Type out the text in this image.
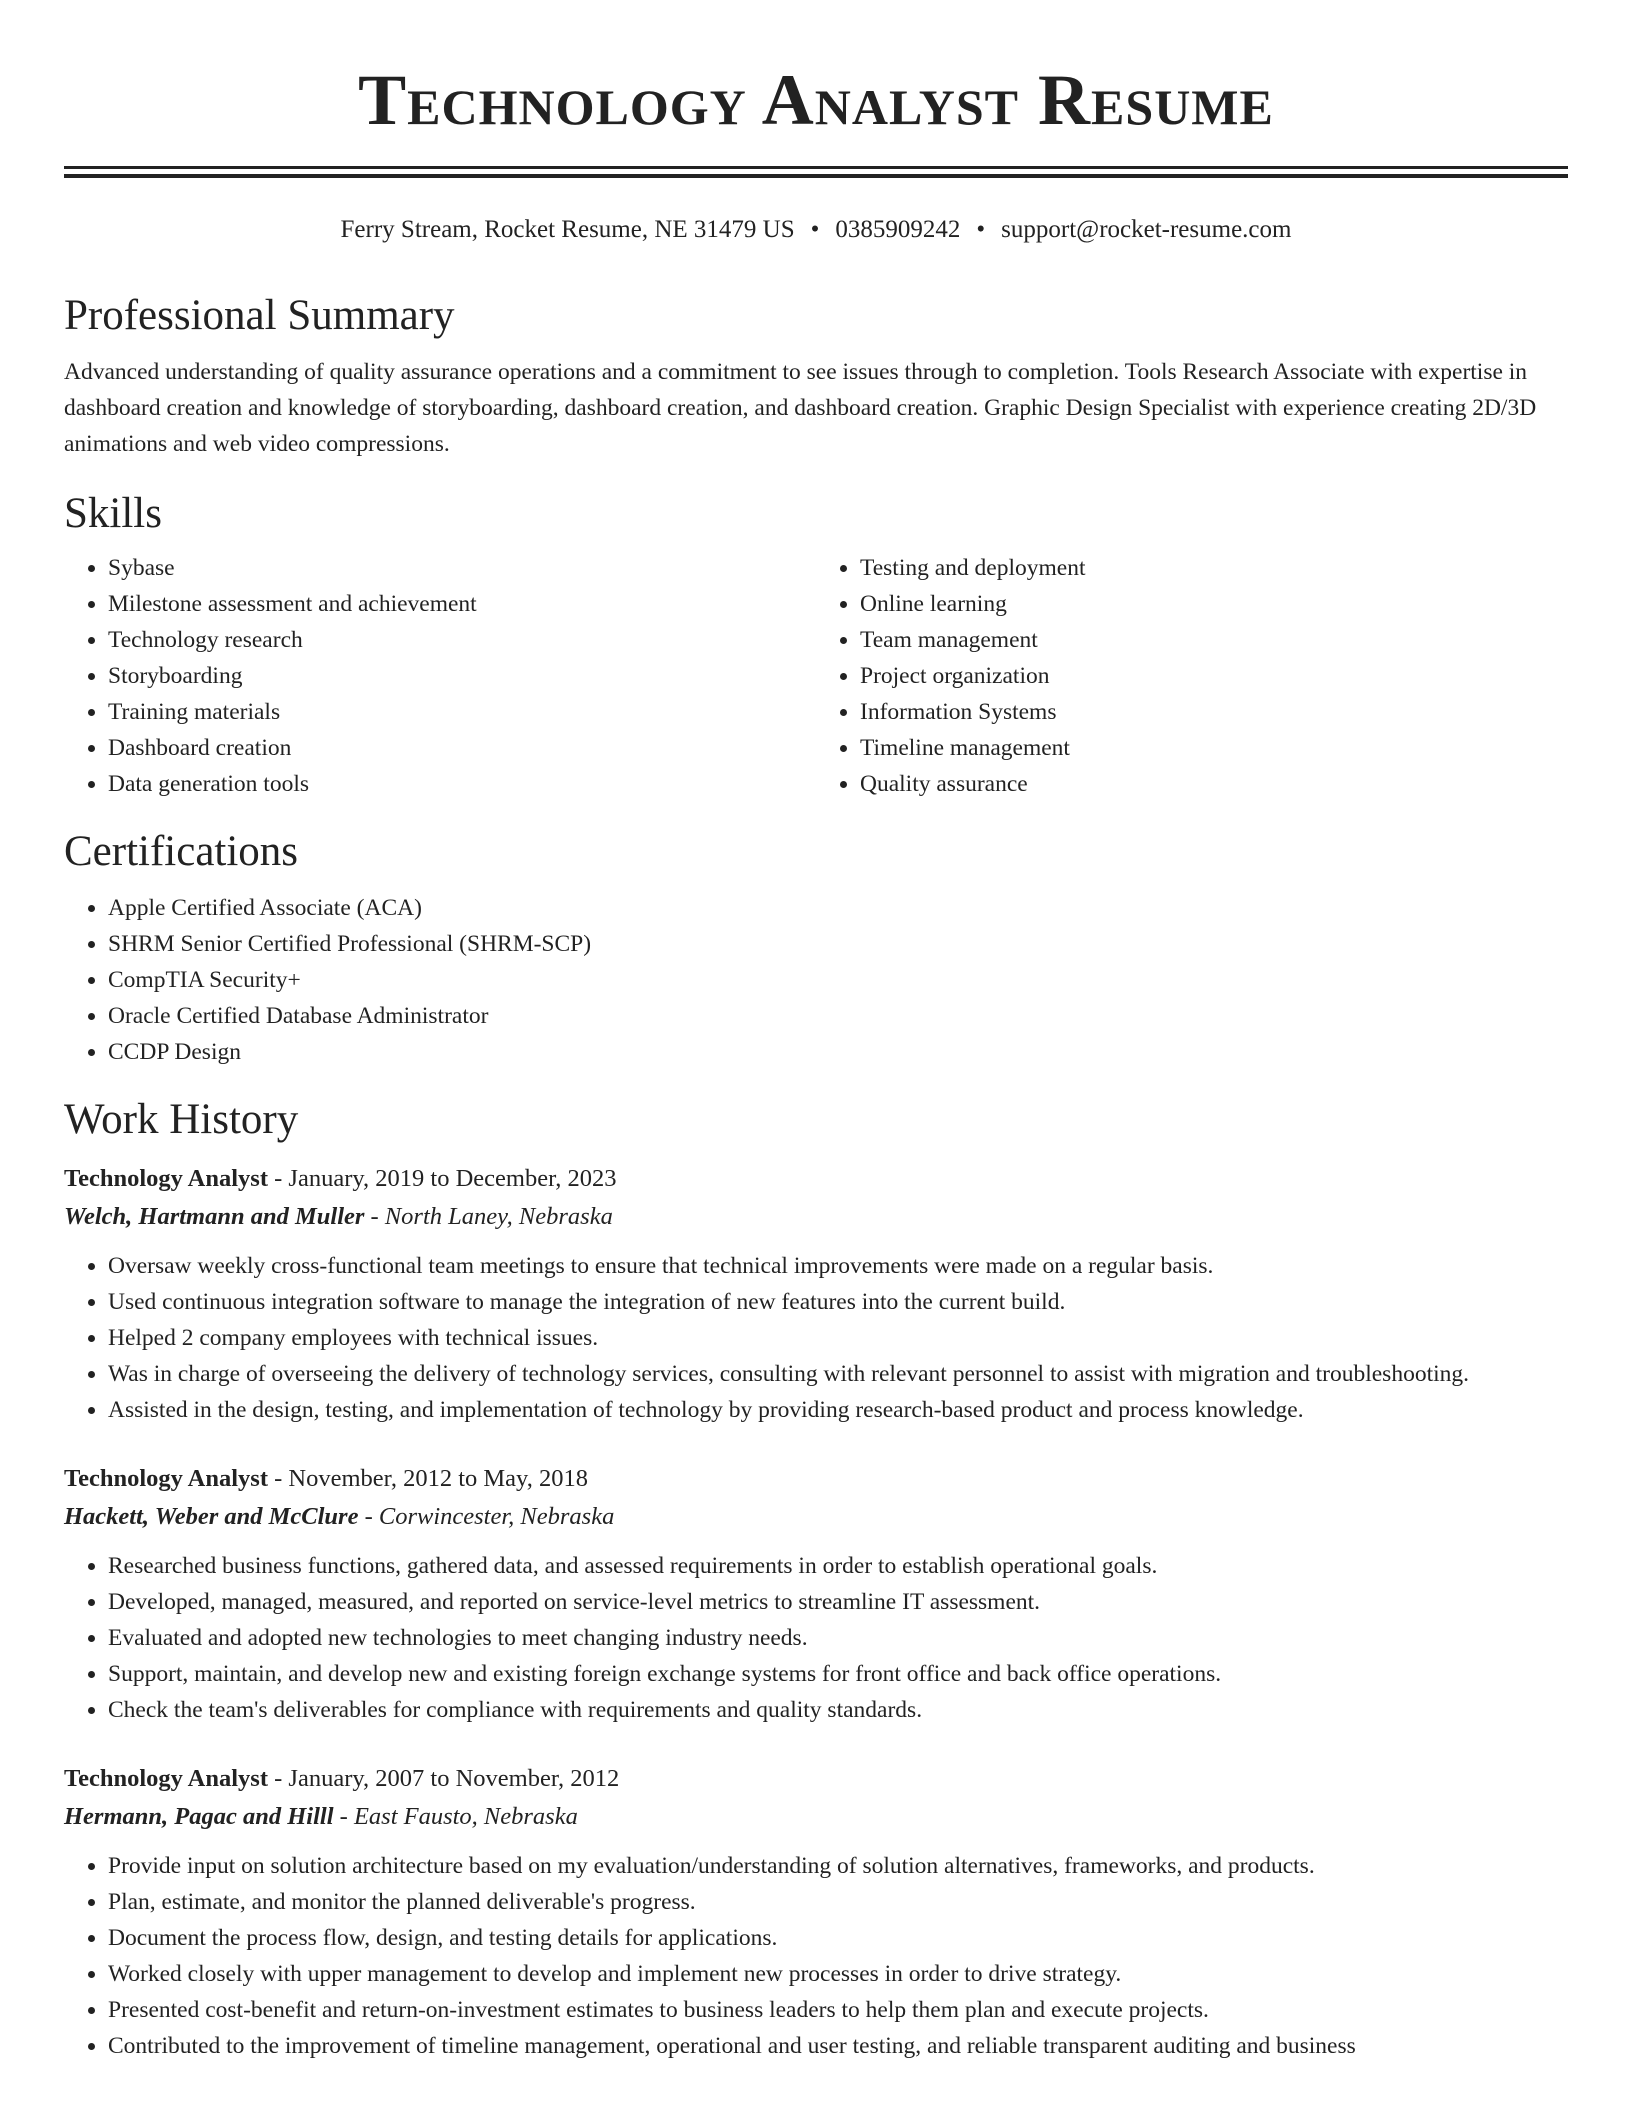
Technology Analyst Resume
Ferry Stream, Rocket Resume, NE 31479 US • 0385909242 • support@rocket-resume.com
Professional Summary

Advanced understanding of quality assurance operations and a commitment to see issues through to completion. Tools Research Associate with expertise in dashboard creation and knowledge of storyboarding, dashboard creation, and dashboard creation. Graphic Design Specialist with experience creating 2D/3D animations and web video compressions.

Skills
• Sybase
• Milestone assessment and achievement
• Technology research
• Storyboarding
• Training materials
• Dashboard creation
• Data generation tools
• Testing and deployment
• Online learning
• Team management
• Project organization
• Information Systems
• Timeline management
• Quality assurance
Certifications
• Apple Certified Associate (ACA)
• SHRM Senior Certified Professional (SHRM-SCP)
• CompTIA Security+
• Oracle Certified Database Administrator
• CCDP Design
Work History
Technology Analyst - January, 2019 to December, 2023
Welch, Hartmann and Muller - North Laney, Nebraska
• Oversaw weekly cross-functional team meetings to ensure that technical improvements were made on a regular basis.
• Used continuous integration software to manage the integration of new features into the current build.
• Helped 2 company employees with technical issues.
• Was in charge of overseeing the delivery of technology services, consulting with relevant personnel to assist with migration and troubleshooting.
• Assisted in the design, testing, and implementation of technology by providing research-based product and process knowledge.
Technology Analyst - November, 2012 to May, 2018
Hackett, Weber and McClure - Corwincester, Nebraska
• Researched business functions, gathered data, and assessed requirements in order to establish operational goals.
• Developed, managed, measured, and reported on service-level metrics to streamline IT assessment.
• Evaluated and adopted new technologies to meet changing industry needs.
• Support, maintain, and develop new and existing foreign exchange systems for front office and back office operations.
• Check the team's deliverables for compliance with requirements and quality standards.
Technology Analyst - January, 2007 to November, 2012
Hermann, Pagac and Hilll - East Fausto, Nebraska
• Provide input on solution architecture based on my evaluation/understanding of solution alternatives, frameworks, and products.
• Plan, estimate, and monitor the planned deliverable's progress.
• Document the process flow, design, and testing details for applications.
• Worked closely with upper management to develop and implement new processes in order to drive strategy.
• Presented cost-benefit and return-on-investment estimates to business leaders to help them plan and execute projects.
• Contributed to the improvement of timeline management, operational and user testing, and reliable transparent auditing and business
